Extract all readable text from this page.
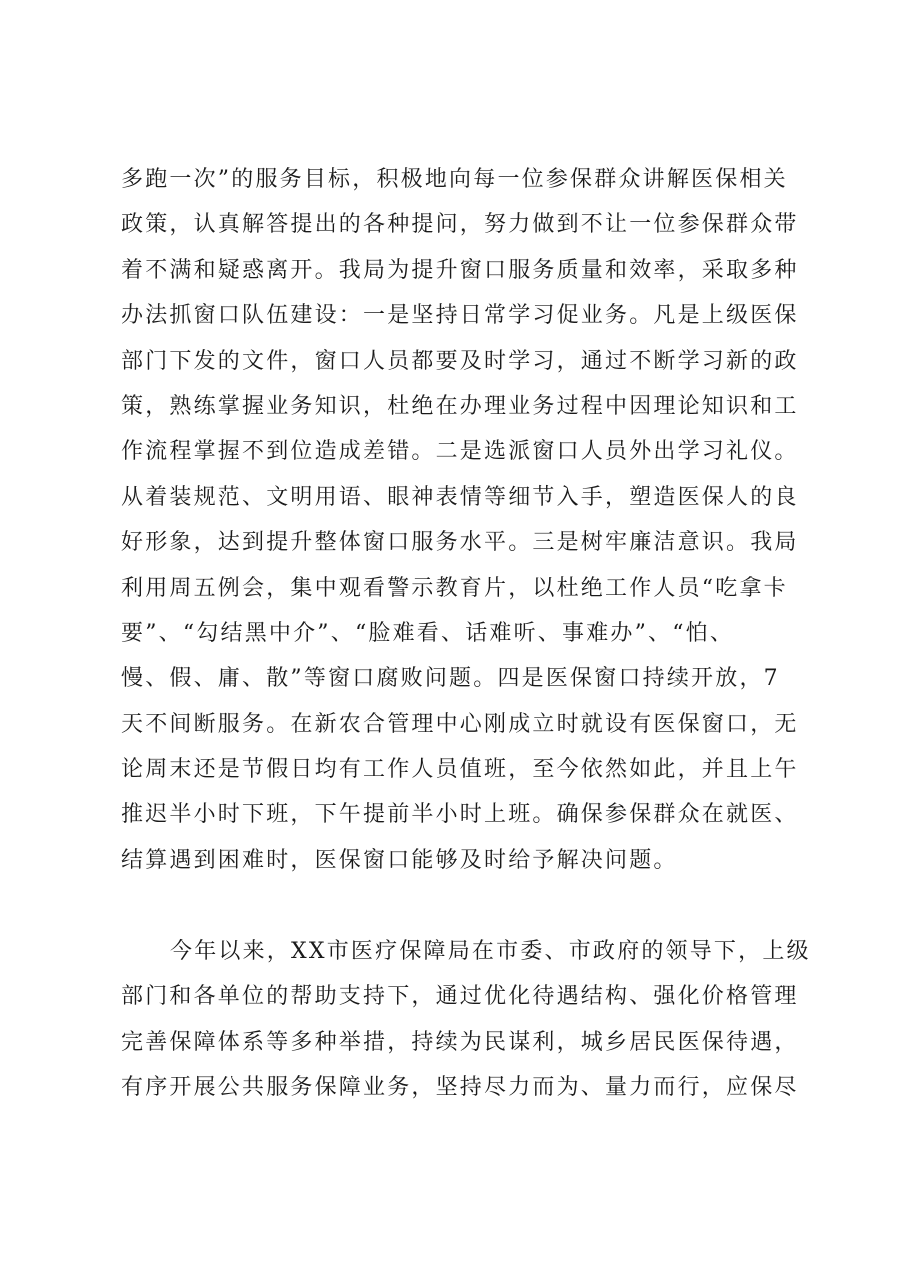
多跑一次”的服务目标，积极地向每一位参保群众讲解医保相关
政策，认真解答提出的各种提问，努力做到不让一位参保群众带
着不满和疑惑离开。我局为提升窗口服务质量和效率，采取多种
办法抓窗口队伍建设：一是坚持日常学习促业务。凡是上级医保
部门下发的文件，窗口人员都要及时学习，通过不断学习新的政
策，熟练掌握业务知识，杜绝在办理业务过程中因理论知识和工
作流程掌握不到位造成差错。二是选派窗口人员外出学习礼仪。
从着装规范、文明用语、眼神表情等细节入手，塑造医保人的良
好形象，达到提升整体窗口服务水平。三是树牢廉洁意识。我局
利用周五例会，集中观看警示教育片，以杜绝工作人员“吃拿卡
要”、“勾结黑中介”、“脸难看、话难听、事难办”、“怕、
慢、假、庸、散”等窗口腐败问题。四是医保窗口持续开放，7
天不间断服务。在新农合管理中心刚成立时就设有医保窗口，无
论周末还是节假日均有工作人员值班，至今依然如此，并且上午
推迟半小时下班，下午提前半小时上班。确保参保群众在就医、
结算遇到困难时，医保窗口能够及时给予解决问题。
今年以来，XX市医疗保障局在市委、市政府的领导下，上级
部门和各单位的帮助支持下，通过优化待遇结构、强化价格管理
完善保障体系等多种举措，持续为民谋利，城乡居民医保待遇，
有序开展公共服务保障业务，坚持尽力而为、量力而行，应保尽
